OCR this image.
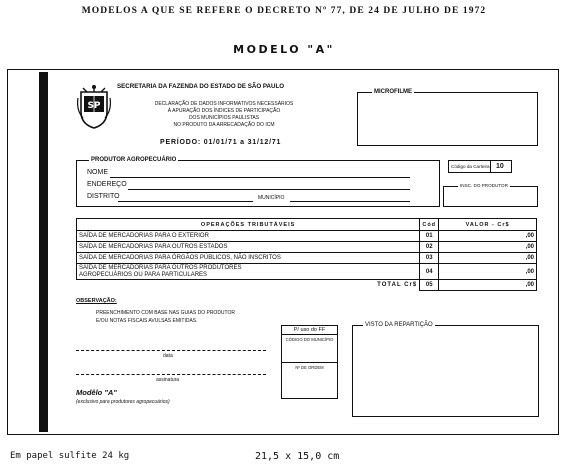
MODELOS A QUE SE REFERE O DECRETO Nº 77, DE 24 DE JULHO DE 1972
MODELO "A"
SP
SECRETARIA DA FAZENDA DO ESTADO DE SÃO PAULO
DECLARAÇÃO DE DADOS INFORMATIVOS NECESSÁRIOS
À APURAÇÃO DOS ÍNDICES DE PARTICIPAÇÃO
DOS MUNICÍPIOS PAULISTAS
NO PRODUTO DA ARRECADAÇÃO DO ICM
PERÍODO: 01/01/71 a 31/12/71
MICROFILME
PRODUTOR AGROPECUÁRIO
NOME
ENDEREÇO
DISTRITO	MUNICÍPIO
Código da Carteira 10
INSC. DO PRODUTOR
OPERAÇÕES TRIBUTÁVEIS	Cód	VALOR - Cr$
SAÍDA DE MERCADORIAS PARA O EXTERIOR	01	,00
SAÍDA DE MERCADORIAS PARA OUTROS ESTADOS	02	,00
SAÍDA DE MERCADORIAS PARA ÓRGÃOS PÚBLICOS, NÃO INSCRITOS	03	,00

SAÍDA DE MERCADORIAS PARA OUTROS PRODUTORES
AGROPECUÁRIOS OU PARA PARTICULARES	04	,00
TOTAL Cr$	05	,00
OBSERVAÇÃO:
PREENCHIMENTO COM BASE NAS GUIAS DO PRODUTOR
E/OU NOTAS FISCAIS AVULSAS EMITIDAS.
data
assinatura
P/ uso do FF
CÓDIGO DO MUNICÍPIO
Nº DE ORDEM
VISTO DA REPARTIÇÃO
Modêlo "A"
(exclusivo para produtores agropecuários)
Em papel sulfite 24 kg	21,5 x 15,0 cm
